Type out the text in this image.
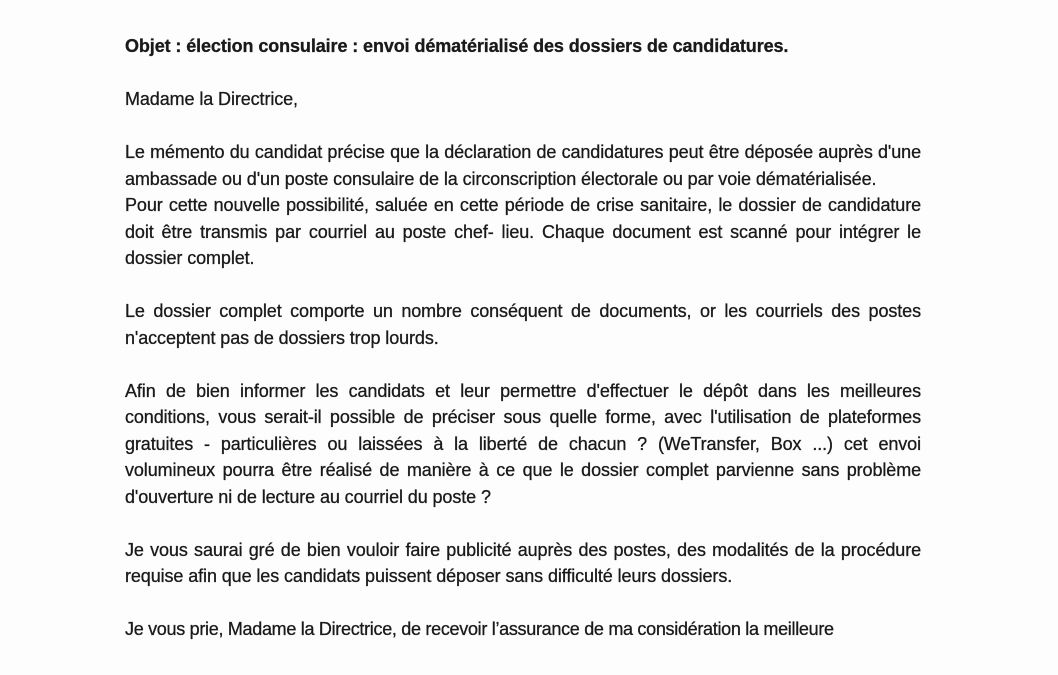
Objet : élection consulaire : envoi dématérialisé des dossiers de candidatures.

Madame la Directrice,

Le mémento du candidat précise que la déclaration de candidatures peut être déposée auprès d'une ambassade ou d'un poste consulaire de la circonscription électorale ou par voie dématérialisée.

Pour cette nouvelle possibilité, saluée en cette période de crise sanitaire, le dossier de candidature doit être transmis par courriel au poste chef- lieu. Chaque document est scanné pour intégrer le dossier complet.

Le dossier complet comporte un nombre conséquent de documents, or les courriels des postes n'acceptent pas de dossiers trop lourds.

Afin de bien informer les candidats et leur permettre d'effectuer le dépôt dans les meilleures conditions, vous serait-il possible de préciser sous quelle forme, avec l'utilisation de plateformes gratuites - particulières ou laissées à la liberté de chacun ? (WeTransfer, Box ...) cet envoi volumineux pourra être réalisé de manière à ce que le dossier complet parvienne sans problème d'ouverture ni de lecture au courriel du poste ?

Je vous saurai gré de bien vouloir faire publicité auprès des postes, des modalités de la procédure requise afin que les candidats puissent déposer sans difficulté leurs dossiers.

Je vous prie, Madame la Directrice, de recevoir l’assurance de ma considération la meilleure
